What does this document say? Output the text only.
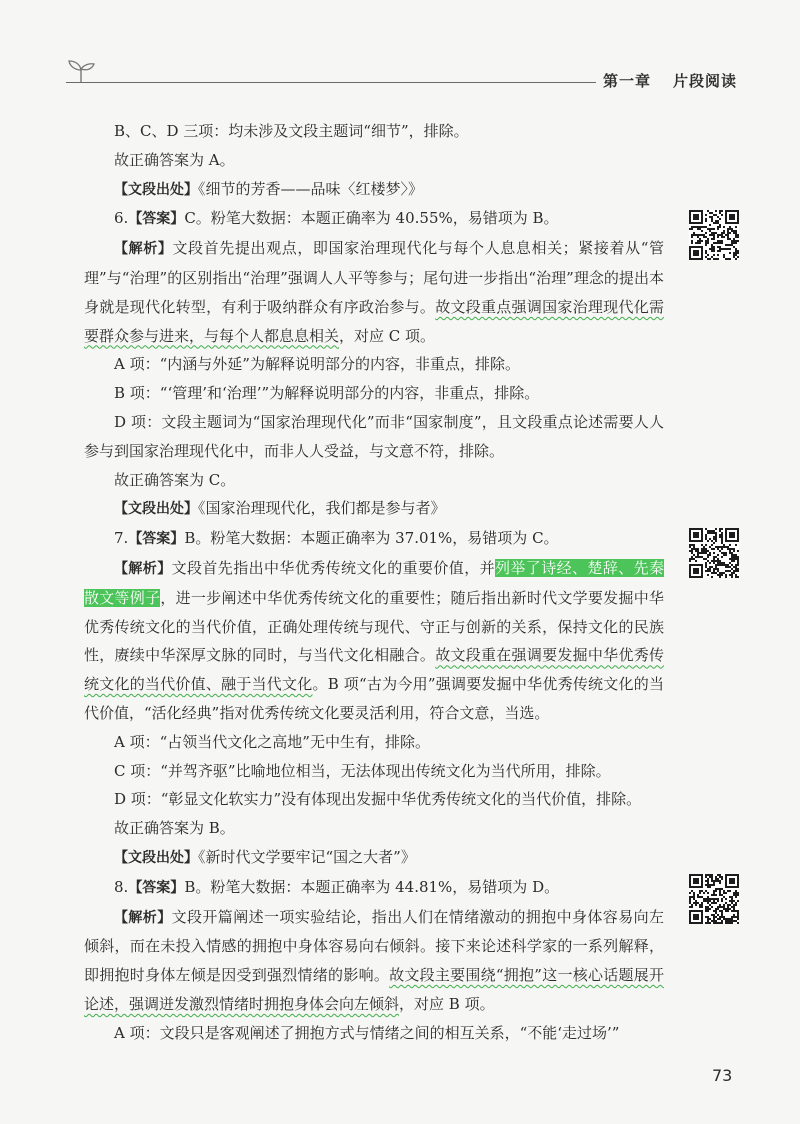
第一章 片段阅读

B、C、D 三项：均未涉及文段主题词“细节”，排除。

故正确答案为 A。

【文段出处】《细节的芳香——品味〈红楼梦〉》

6.【答案】C。粉笔大数据：本题正确率为 40.55%，易错项为 B。

【解析】文段首先提出观点，即国家治理现代化与每个人息息相关；紧接着从“管理”与“治理”的区别指出“治理”强调人人平等参与；尾句进一步指出“治理”理念的提出本身就是现代化转型，有利于吸纳群众有序政治参与。故文段重点强调国家治理现代化需要群众参与进来，与每个人都息息相关，对应 C 项。

A 项：“内涵与外延”为解释说明部分的内容，非重点，排除。

B 项：“‘管理’和‘治理’”为解释说明部分的内容，非重点，排除。

D 项：文段主题词为“国家治理现代化”而非“国家制度”，且文段重点论述需要人人参与到国家治理现代化中，而非人人受益，与文意不符，排除。

故正确答案为 C。

【文段出处】《国家治理现代化，我们都是参与者》

7.【答案】B。粉笔大数据：本题正确率为 37.01%，易错项为 C。

【解析】文段首先指出中华优秀传统文化的重要价值，并列举了诗经、楚辞、先秦散文等例子，进一步阐述中华优秀传统文化的重要性；随后指出新时代文学要发掘中华优秀传统文化的当代价值，正确处理传统与现代、守正与创新的关系，保持文化的民族性，赓续中华深厚文脉的同时，与当代文化相融合。故文段重在强调要发掘中华优秀传统文化的当代价值、融于当代文化。B 项“古为今用”强调要发掘中华优秀传统文化的当代价值，“活化经典”指对优秀传统文化要灵活利用，符合文意，当选。

A 项：“占领当代文化之高地”无中生有，排除。

C 项：“并驾齐驱”比喻地位相当，无法体现出传统文化为当代所用，排除。

D 项：“彰显文化软实力”没有体现出发掘中华优秀传统文化的当代价值，排除。

故正确答案为 B。

【文段出处】《新时代文学要牢记“国之大者”》

8.【答案】B。粉笔大数据：本题正确率为 44.81%，易错项为 D。

【解析】文段开篇阐述一项实验结论，指出人们在情绪激动的拥抱中身体容易向左倾斜，而在未投入情感的拥抱中身体容易向右倾斜。接下来论述科学家的一系列解释，即拥抱时身体左倾是因受到强烈情绪的影响。故文段主要围绕“拥抱”这一核心话题展开论述，强调迸发激烈情绪时拥抱身体会向左倾斜，对应 B 项。

A 项：文段只是客观阐述了拥抱方式与情绪之间的相互关系，“不能‘走过场’”

73
